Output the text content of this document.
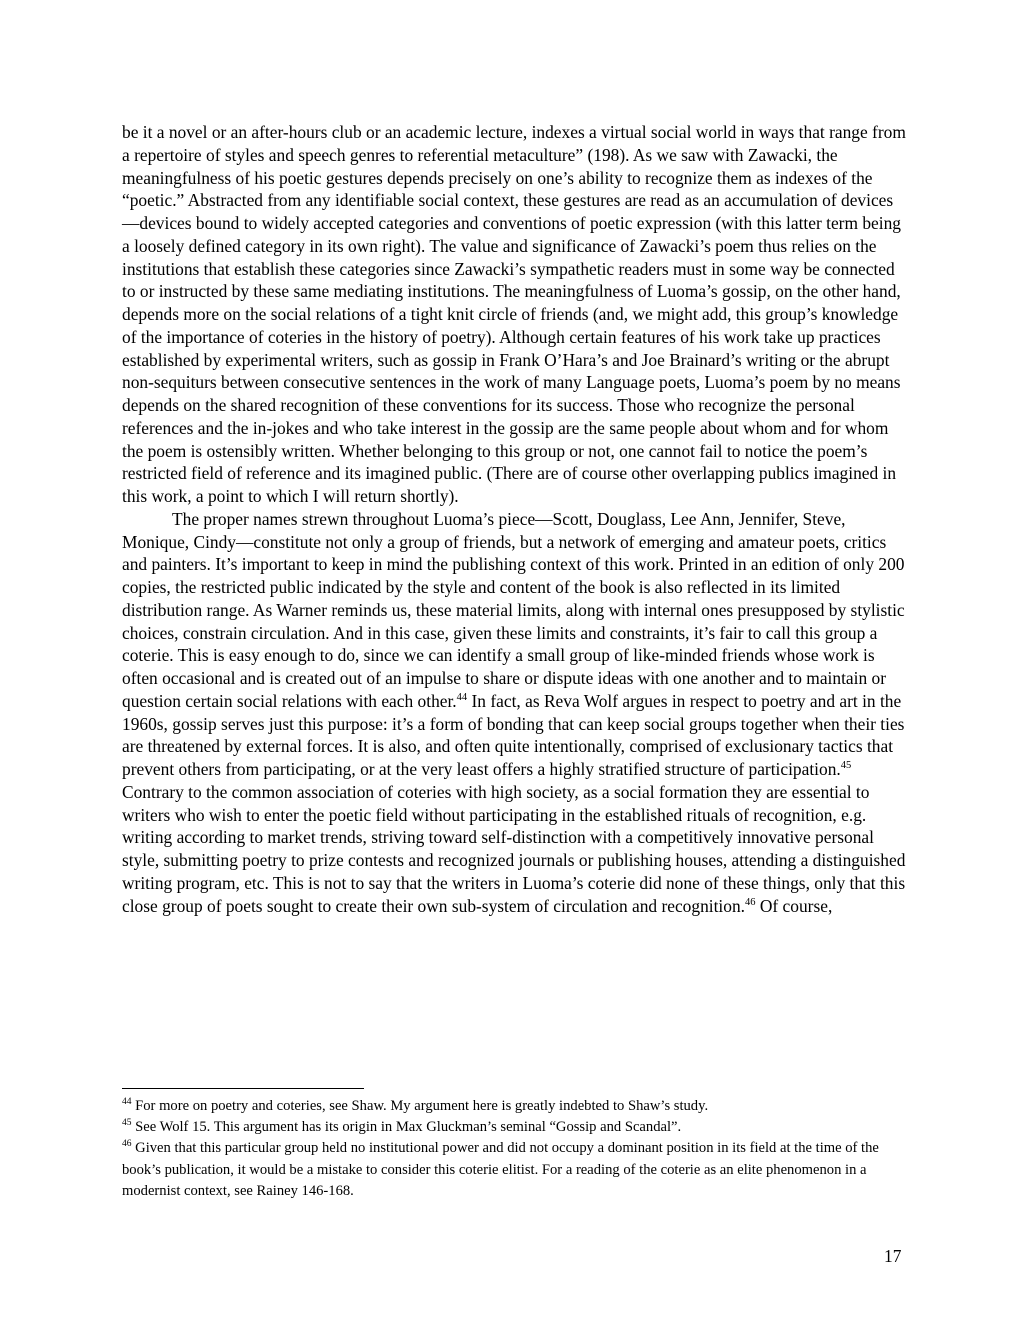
be it a novel or an after-hours club or an academic lecture, indexes a virtual social world in ways that range from a repertoire of styles and speech genres to referential metaculture” (198). As we saw with Zawacki, the meaningfulness of his poetic gestures depends precisely on one’s ability to recognize them as indexes of the “poetic.” Abstracted from any identifiable social context, these gestures are read as an accumulation of devices—devices bound to widely accepted categories and conventions of poetic expression (with this latter term being a loosely defined category in its own right). The value and significance of Zawacki’s poem thus relies on the institutions that establish these categories since Zawacki’s sympathetic readers must in some way be connected to or instructed by these same mediating institutions. The meaningfulness of Luoma’s gossip, on the other hand, depends more on the social relations of a tight knit circle of friends (and, we might add, this group’s knowledge of the importance of coteries in the history of poetry). Although certain features of his work take up practices established by experimental writers, such as gossip in Frank O’Hara’s and Joe Brainard’s writing or the abrupt non-sequiturs between consecutive sentences in the work of many Language poets, Luoma’s poem by no means depends on the shared recognition of these conventions for its success. Those who recognize the personal references and the in-jokes and who take interest in the gossip are the same people about whom and for whom the poem is ostensibly written. Whether belonging to this group or not, one cannot fail to notice the poem’s restricted field of reference and its imagined public. (There are of course other overlapping publics imagined in this work, a point to which I will return shortly).

The proper names strewn throughout Luoma’s piece—Scott, Douglass, Lee Ann, Jennifer, Steve, Monique, Cindy—constitute not only a group of friends, but a network of emerging and amateur poets, critics and painters. It’s important to keep in mind the publishing context of this work. Printed in an edition of only 200 copies, the restricted public indicated by the style and content of the book is also reflected in its limited distribution range. As Warner reminds us, these material limits, along with internal ones presupposed by stylistic choices, constrain circulation. And in this case, given these limits and constraints, it’s fair to call this group a coterie. This is easy enough to do, since we can identify a small group of like-minded friends whose work is often occasional and is created out of an impulse to share or dispute ideas with one another and to maintain or question certain social relations with each other.$^{44}$ In fact, as Reva Wolf argues in respect to poetry and art in the 1960s, gossip serves just this purpose: it’s a form of bonding that can keep social groups together when their ties are threatened by external forces. It is also, and often quite intentionally, comprised of exclusionary tactics that prevent others from participating, or at the very least offers a highly stratified structure of participation.$^{45}$ Contrary to the common association of coteries with high society, as a social formation they are essential to writers who wish to enter the poetic field without participating in the established rituals of recognition, e.g. writing according to market trends, striving toward self-distinction with a competitively innovative personal style, submitting poetry to prize contests and recognized journals or publishing houses, attending a distinguished writing program, etc. This is not to say that the writers in Luoma’s coterie did none of these things, only that this close group of poets sought to create their own sub-system of circulation and recognition.$^{46}$ Of course,

$^{44}$ For more on poetry and coteries, see Shaw. My argument here is greatly indebted to Shaw’s study.

$^{45}$ See Wolf 15. This argument has its origin in Max Gluckman’s seminal “Gossip and Scandal”.

$^{46}$ Given that this particular group held no institutional power and did not occupy a dominant position in its field at the time of the book’s publication, it would be a mistake to consider this coterie elitist. For a reading of the coterie as an elite phenomenon in a modernist context, see Rainey 146-168.

17
